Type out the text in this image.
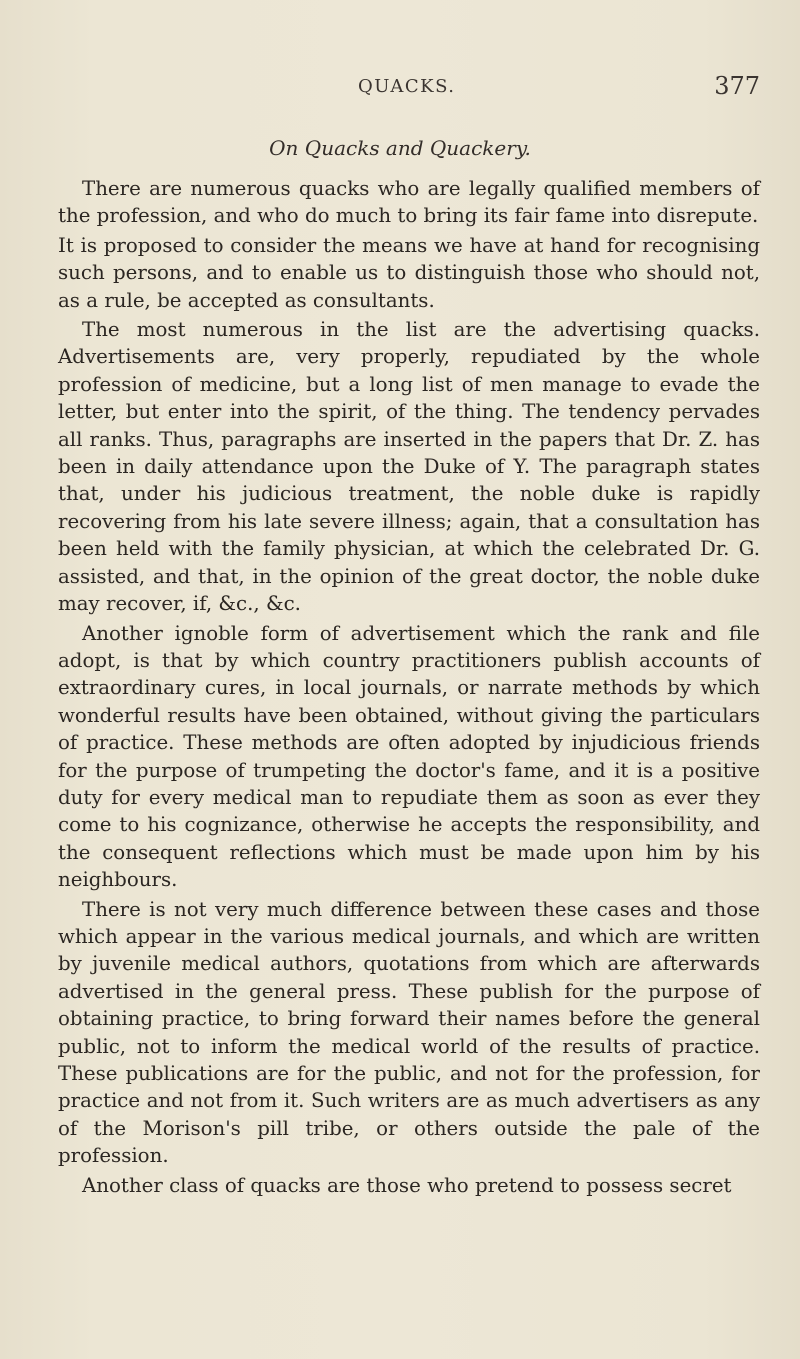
QUACKS.	377
On Quacks and Quackery.

There are numerous quacks who are legally qualified members of the profession, and who do much to bring its fair fame into disrepute.

It is proposed to consider the means we have at hand for recognising such persons, and to enable us to distinguish those who should not, as a rule, be accepted as consultants.

The most numerous in the list are the advertising quacks. Advertisements are, very properly, repudiated by the whole profession of medicine, but a long list of men manage to evade the letter, but enter into the spirit, of the thing. The tendency pervades all ranks. Thus, paragraphs are inserted in the papers that Dr. Z. has been in daily attendance upon the Duke of Y. The paragraph states that, under his judicious treatment, the noble duke is rapidly recovering from his late severe illness; again, that a consultation has been held with the family physician, at which the celebrated Dr. G. assisted, and that, in the opinion of the great doctor, the noble duke may recover, if, &c., &c.

Another ignoble form of advertisement which the rank and file adopt, is that by which country practitioners publish accounts of extraordinary cures, in local journals, or narrate methods by which wonderful results have been obtained, without giving the particulars of practice. These methods are often adopted by injudicious friends for the purpose of trumpeting the doctor's fame, and it is a positive duty for every medical man to repudiate them as soon as ever they come to his cognizance, otherwise he accepts the responsibility, and the consequent reflections which must be made upon him by his neighbours.

There is not very much difference between these cases and those which appear in the various medical journals, and which are written by juvenile medical authors, quotations from which are afterwards advertised in the general press. These publish for the purpose of obtaining practice, to bring forward their names before the general public, not to inform the medical world of the results of practice. These publications are for the public, and not for the profession, for practice and not from it. Such writers are as much advertisers as any of the Morison's pill tribe, or others outside the pale of the profession.

Another class of quacks are those who pretend to possess secret
